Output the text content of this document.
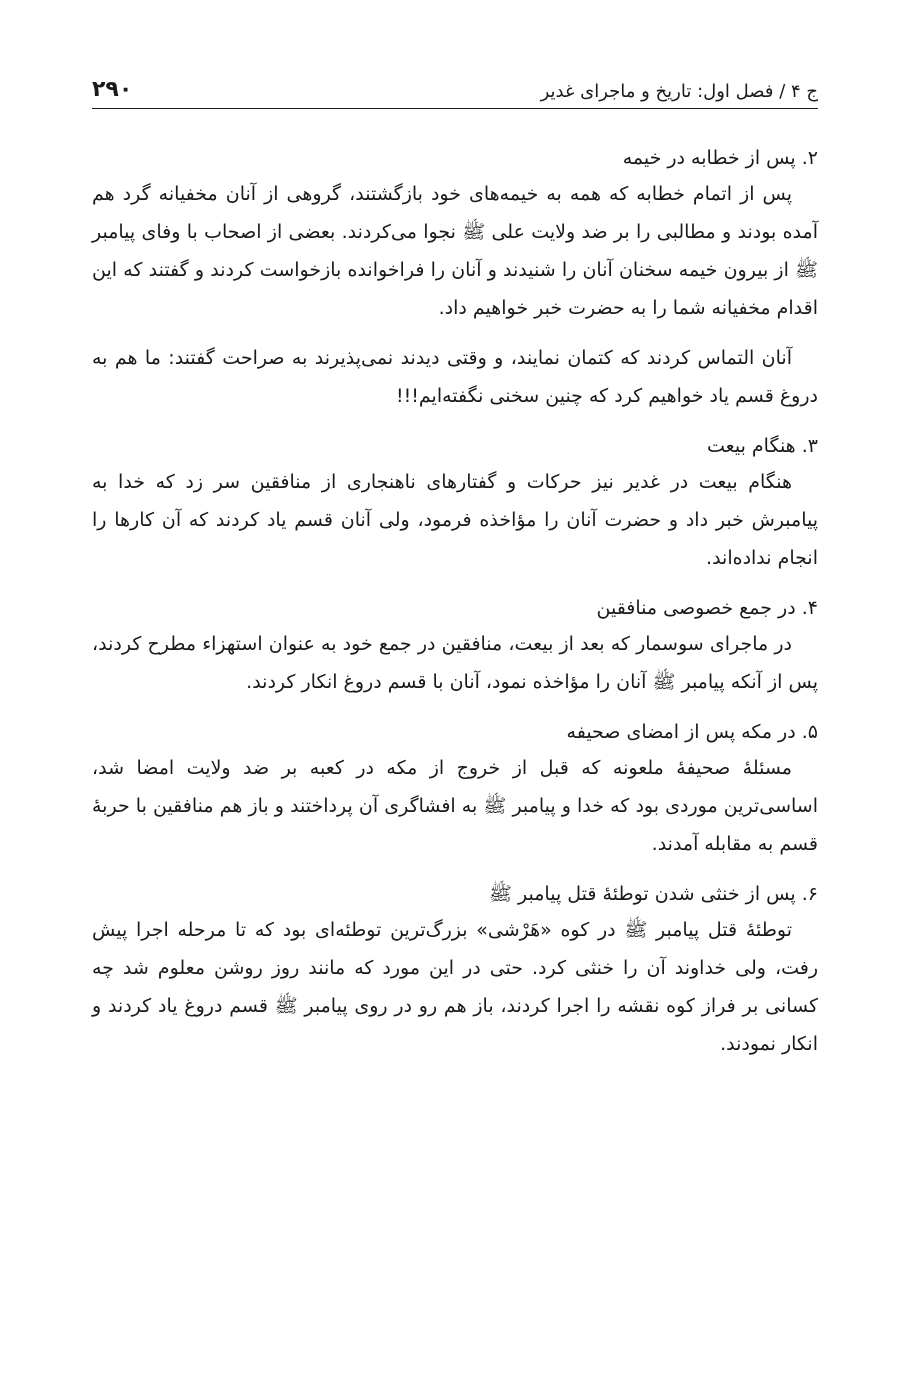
ج ۴ / فصل اول: تاریخ و ماجرای غدیر
۲۹۰
۲. پس از خطابه در خیمه

پس از اتمام خطابه که همه به خیمه‌های خود بازگشتند، گروهی از آنان مخفیانه گرد هم آمده بودند و مطالبی را بر ضد ولایت علی ﷺ نجوا می‌کردند. بعضی از اصحاب با وفای پیامبر ﷺ از بیرون خیمه سخنان آنان را شنیدند و آنان را فراخوانده بازخواست کردند و گفتند که این اقدام مخفیانه شما را به حضرت خبر خواهیم داد.

آنان التماس کردند که کتمان نمایند، و وقتی دیدند نمی‌پذیرند به صراحت گفتند: ما هم به دروغ قسم یاد خواهیم کرد که چنین سخنی نگفته‌ایم!!!

۳. هنگام بیعت

هنگام بیعت در غدیر نیز حرکات و گفتارهای ناهنجاری از منافقین سر زد که خدا به پیامبرش خبر داد و حضرت آنان را مؤاخذه فرمود، ولی آنان قسم یاد کردند که آن کارها را انجام نداده‌اند.

۴. در جمع خصوصی منافقین

در ماجرای سوسمار که بعد از بیعت، منافقین در جمع خود به عنوان استهزاء مطرح کردند، پس از آنکه پیامبر ﷺ آنان را مؤاخذه نمود، آنان با قسم دروغ انکار کردند.

۵. در مکه پس از امضای صحیفه

مسئلهٔ صحیفهٔ ملعونه که قبل از خروج از مکه در کعبه بر ضد ولایت امضا شد، اساسی‌ترین موردی بود که خدا و پیامبر ﷺ به افشاگری آن پرداختند و باز هم منافقین با حربهٔ قسم به مقابله آمدند.

۶. پس از خنثی شدن توطئهٔ قتل پیامبر ﷺ

توطئهٔ قتل پیامبر ﷺ در کوه «هَرْشی» بزرگ‌ترین توطئه‌ای بود که تا مرحله اجرا پیش رفت، ولی خداوند آن را خنثی کرد. حتی در این مورد که مانند روز روشن معلوم شد چه کسانی بر فراز کوه نقشه را اجرا کردند، باز هم رو در روی پیامبر ﷺ قسم دروغ یاد کردند و انکار نمودند.
